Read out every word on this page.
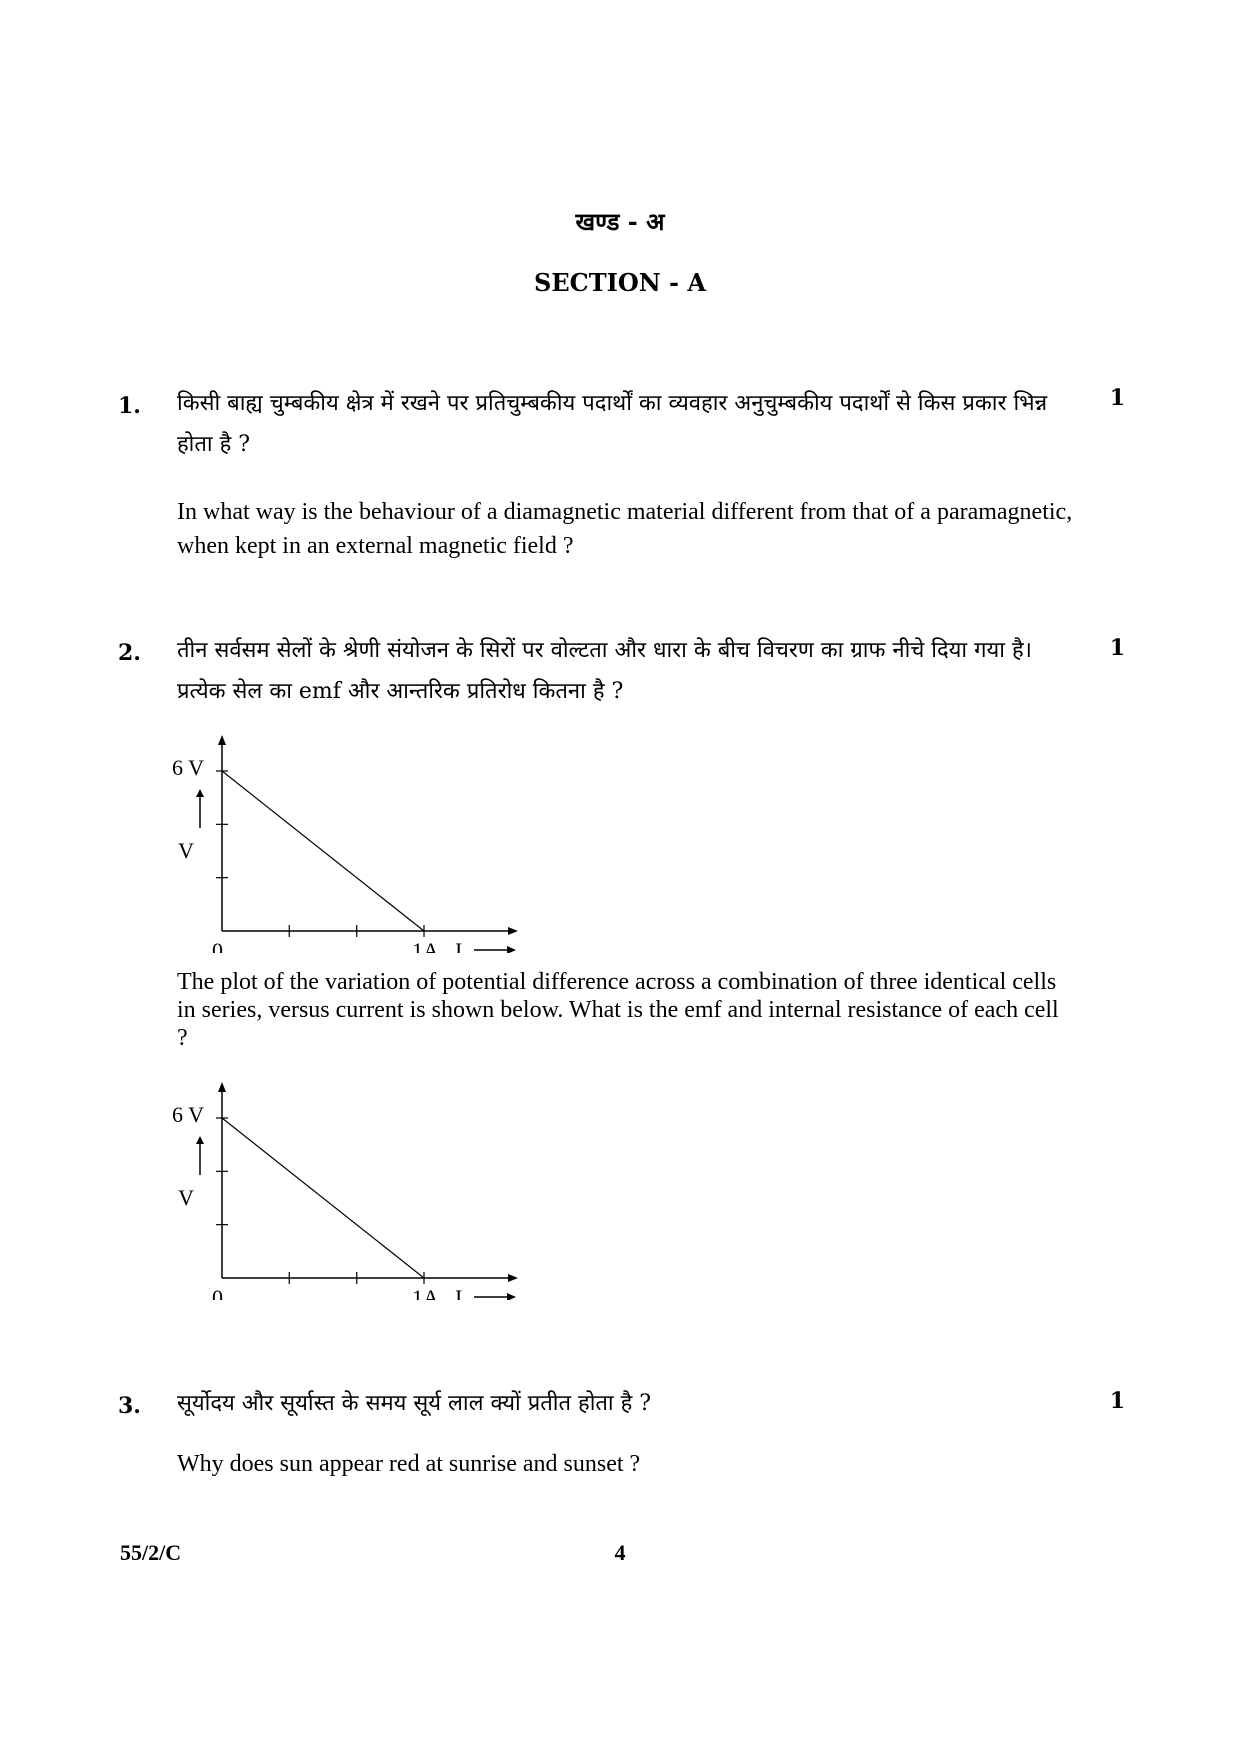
खण्ड - अ
SECTION - A
1.	1
किसी बाह्य चुम्बकीय क्षेत्र में रखने पर प्रतिचुम्बकीय पदार्थों का व्यवहार अनुचुम्बकीय पदार्थों से किस प्रकार भिन्न होता है ?
In what way is the behaviour of a diamagnetic material different from that of a paramagnetic, when kept in an external magnetic field ?
2.	1
तीन सर्वसम सेलों के श्रेणी संयोजन के सिरों पर वोल्टता और धारा के बीच विचरण का ग्राफ नीचे दिया गया है। प्रत्येक सेल का emf और आन्तरिक प्रतिरोध कितना है ?
6 V
V
0	1A I
The plot of the variation of potential difference across a combination of three identical cells in series, versus current is shown below. What is the emf and internal resistance of each cell ?
6 V
V
0	1A I
3.	1
सूर्योदय और सूर्यास्त के समय सूर्य लाल क्यों प्रतीत होता है ?
Why does sun appear red at sunrise and sunset ?
55/2/C	4
